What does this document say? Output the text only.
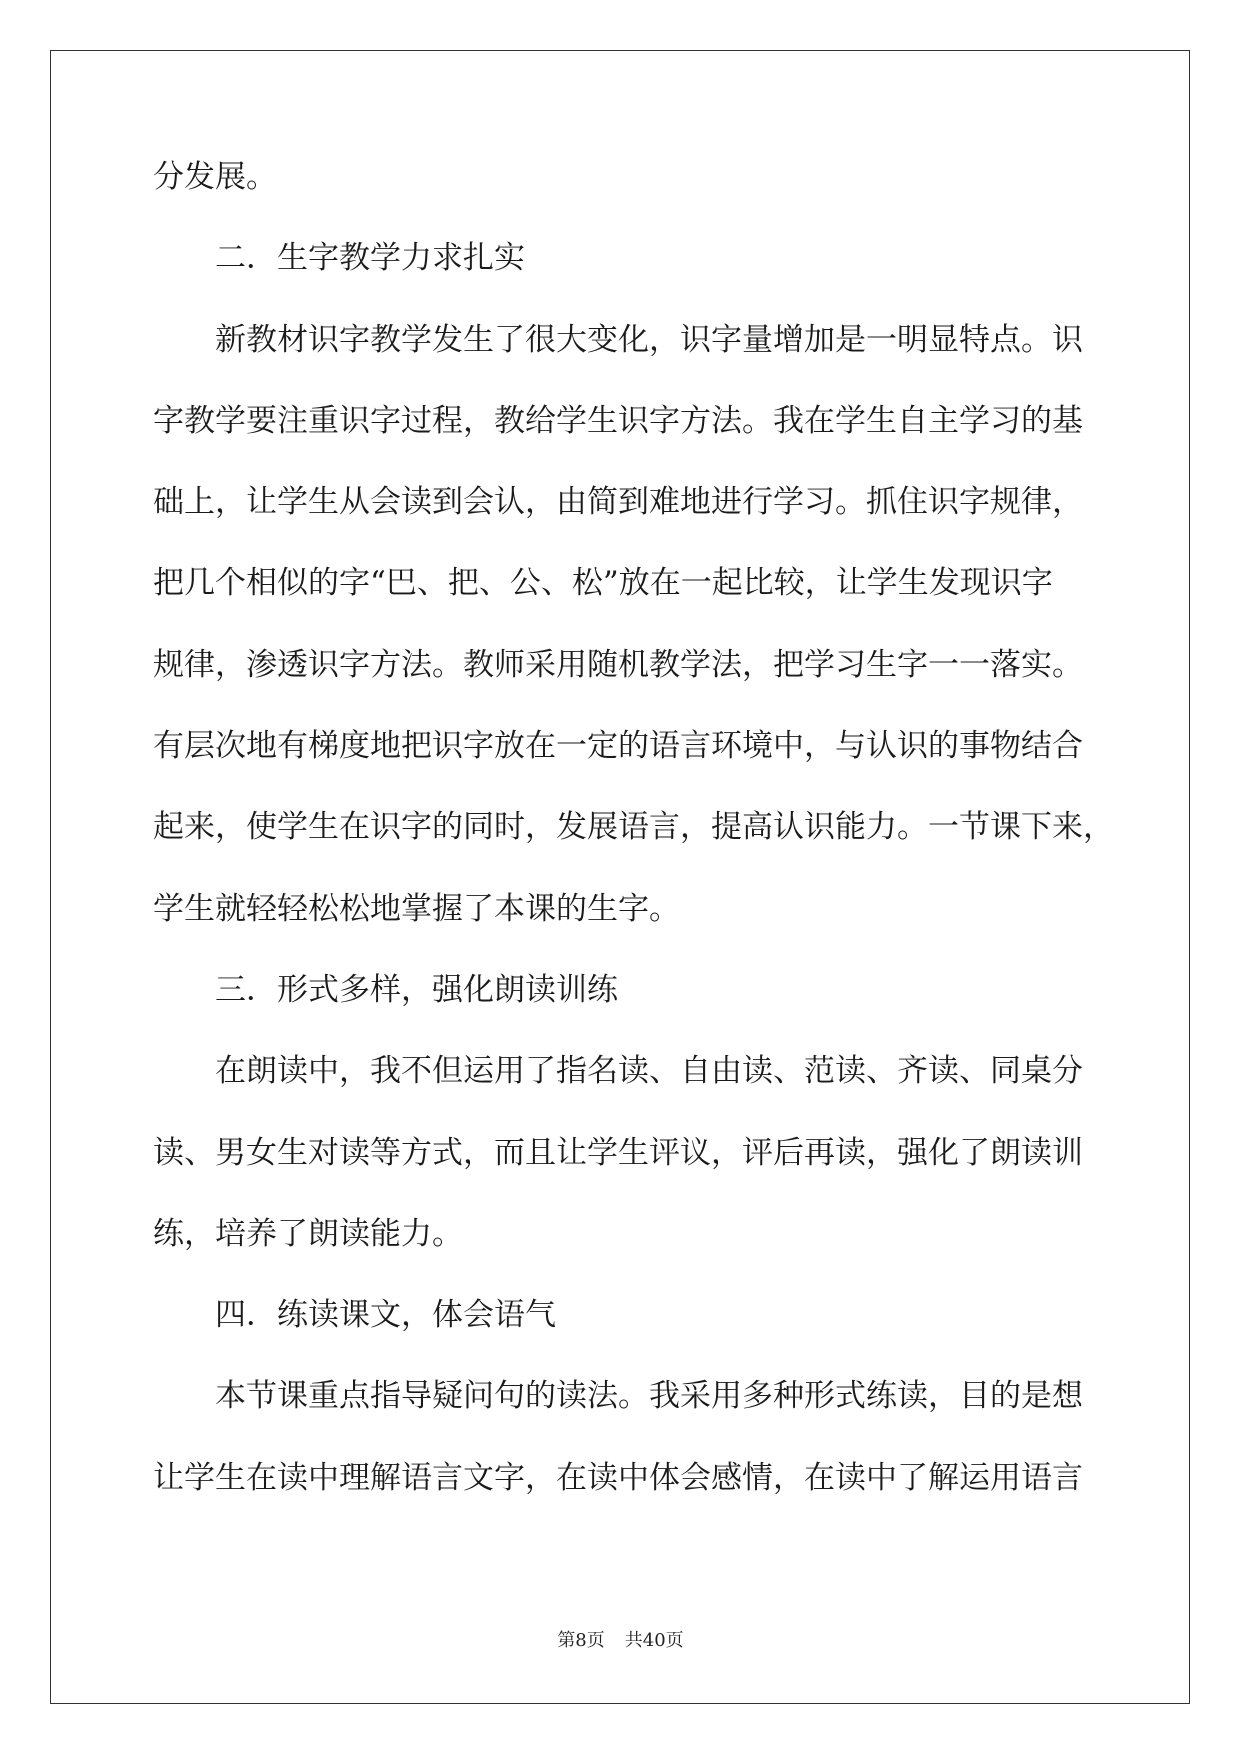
分发展。
二．生字教学力求扎实
新教材识字教学发生了很大变化，识字量增加是一明显特点。识
字教学要注重识字过程，教给学生识字方法。我在学生自主学习的基
础上，让学生从会读到会认，由简到难地进行学习。抓住识字规律，
把几个相似的字“巴、把、公、松”放在一起比较，让学生发现识字
规律，渗透识字方法。教师采用随机教学法，把学习生字一一落实。
有层次地有梯度地把识字放在一定的语言环境中，与认识的事物结合
起来，使学生在识字的同时，发展语言，提高认识能力。一节课下来，
学生就轻轻松松地掌握了本课的生字。
三．形式多样，强化朗读训练
在朗读中，我不但运用了指名读、自由读、范读、齐读、同桌分
读、男女生对读等方式，而且让学生评议，评后再读，强化了朗读训
练，培养了朗读能力。
四．练读课文，体会语气
本节课重点指导疑问句的读法。我采用多种形式练读，目的是想
让学生在读中理解语言文字，在读中体会感情，在读中了解运用语言
第8页 共40页
